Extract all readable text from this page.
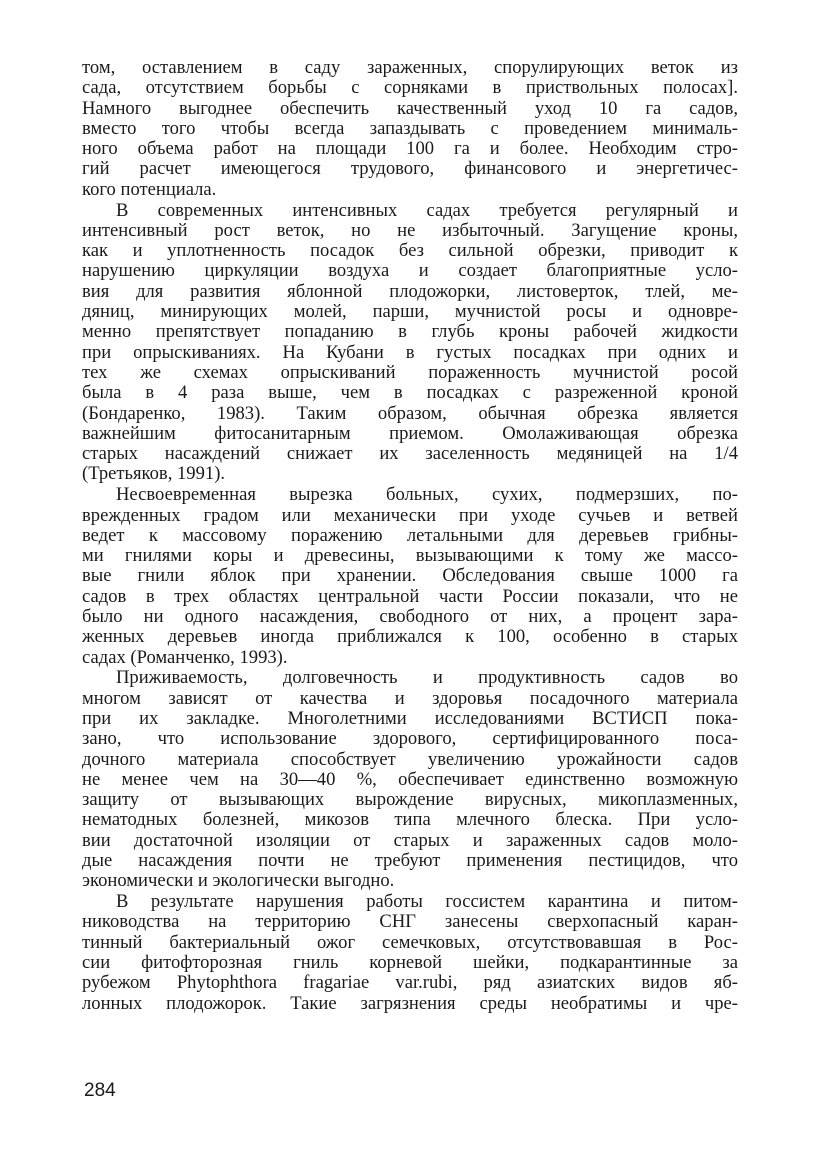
том, оставлением в саду зараженных, спорулирующих веток из
сада, отсутствием борьбы с сорняками в приствольных полосах].
Намного выгоднее обеспечить качественный уход 10 га садов,
вместо того чтобы всегда запаздывать с проведением минималь-
ного объема работ на площади 100 га и более. Необходим стро-
гий расчет имеющегося трудового, финансового и энергетичес-
кого потенциала.
В современных интенсивных садах требуется регулярный и
интенсивный рост веток, но не избыточный. Загущение кроны,
как и уплотненность посадок без сильной обрезки, приводит к
нарушению циркуляции воздуха и создает благоприятные усло-
вия для развития яблонной плодожорки, листоверток, тлей, ме-
дяниц, минирующих молей, парши, мучнистой росы и одновре-
менно препятствует попаданию в глубь кроны рабочей жидкости
при опрыскиваниях. На Кубани в густых посадках при одних и
тех же схемах опрыскиваний пораженность мучнистой росой
была в 4 раза выше, чем в посадках с разреженной кроной
(Бондаренко, 1983). Таким образом, обычная обрезка является
важнейшим фитосанитарным приемом. Омолаживающая обрезка
старых насаждений снижает их заселенность медяницей на 1/4
(Третьяков, 1991).
Несвоевременная вырезка больных, сухих, подмерзших, по-
врежденных градом или механически при уходе сучьев и ветвей
ведет к массовому поражению летальными для деревьев грибны-
ми гнилями коры и древесины, вызывающими к тому же массо-
вые гнили яблок при хранении. Обследования свыше 1000 га
садов в трех областях центральной части России показали, что не
было ни одного насаждения, свободного от них, а процент зара-
женных деревьев иногда приближался к 100, особенно в старых
садах (Романченко, 1993).
Приживаемость, долговечность и продуктивность садов во
многом зависят от качества и здоровья посадочного материала
при их закладке. Многолетними исследованиями ВСТИСП пока-
зано, что использование здорового, сертифицированного поса-
дочного материала способствует увеличению урожайности садов
не менее чем на 30—40 %, обеспечивает единственно возможную
защиту от вызывающих вырождение вирусных, микоплазменных,
нематодных болезней, микозов типа млечного блеска. При усло-
вии достаточной изоляции от старых и зараженных садов моло-
дые насаждения почти не требуют применения пестицидов, что
экономически и экологически выгодно.
В результате нарушения работы госсистем карантина и питом-
ниководства на территорию СНГ занесены сверхопасный каран-
тинный бактериальный ожог семечковых, отсутствовавшая в Рос-
сии фитофторозная гниль корневой шейки, подкарантинные за
рубежом Phytophthora fragariae var.rubi, ряд азиатских видов яб-
лонных плодожорок. Такие загрязнения среды необратимы и чре-
284
